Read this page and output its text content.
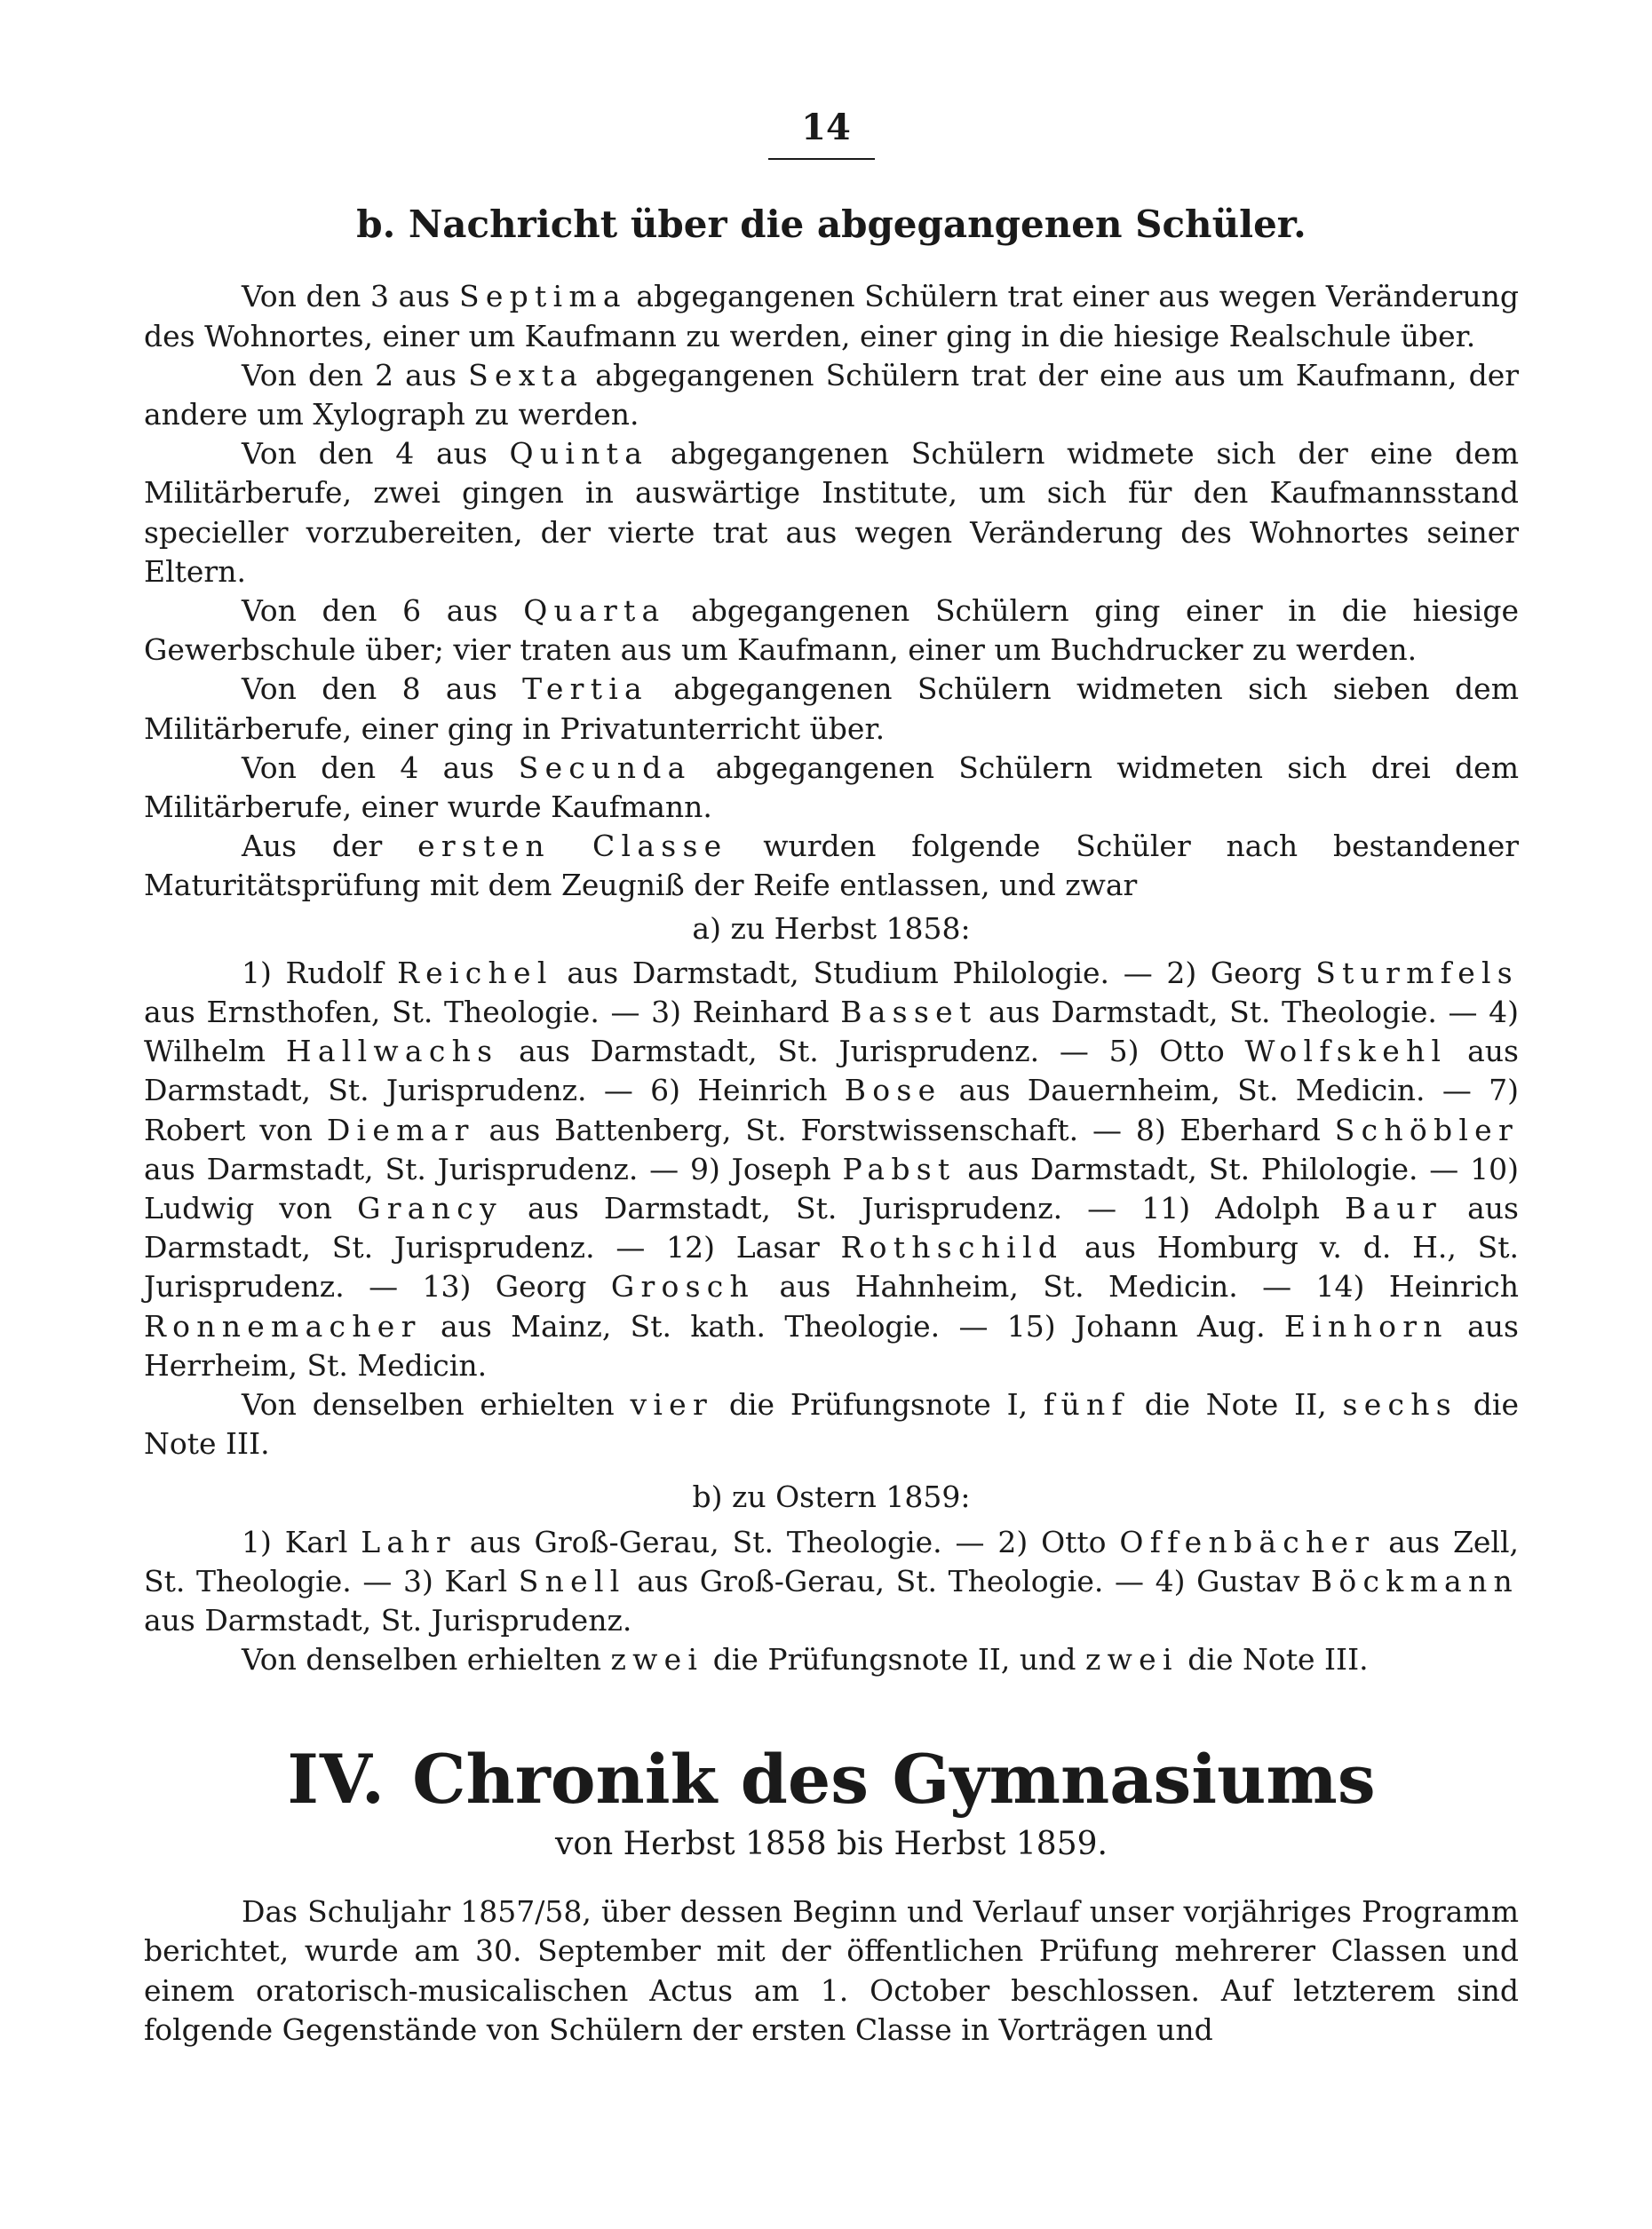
14
b. Nachricht über die abgegangenen Schüler.

Von den 3 aus Septima abgegangenen Schülern trat einer aus wegen Veränderung des Wohnortes, einer um Kaufmann zu werden, einer ging in die hiesige Realschule über.

Von den 2 aus Sexta abgegangenen Schülern trat der eine aus um Kaufmann, der andere um Xylograph zu werden.

Von den 4 aus Quinta abgegangenen Schülern widmete sich der eine dem Militärberufe, zwei gingen in auswärtige Institute, um sich für den Kaufmannsstand specieller vorzubereiten, der vierte trat aus wegen Veränderung des Wohnortes seiner Eltern.

Von den 6 aus Quarta abgegangenen Schülern ging einer in die hiesige Gewerbschule über; vier traten aus um Kaufmann, einer um Buchdrucker zu werden.

Von den 8 aus Tertia abgegangenen Schülern widmeten sich sieben dem Militärberufe, einer ging in Privatunterricht über.

Von den 4 aus Secunda abgegangenen Schülern widmeten sich drei dem Militärberufe, einer wurde Kaufmann.

Aus der ersten Classe wurden folgende Schüler nach bestandener Maturitätsprüfung mit dem Zeugniß der Reife entlassen, und zwar

a) zu Herbst 1858:

1) Rudolf Reichel aus Darmstadt, Studium Philologie. — 2) Georg Sturmfels aus Ernsthofen, St. Theologie. — 3) Reinhard Basset aus Darmstadt, St. Theologie. — 4) Wilhelm Hallwachs aus Darmstadt, St. Jurisprudenz. — 5) Otto Wolfskehl aus Darmstadt, St. Jurisprudenz. — 6) Heinrich Bose aus Dauernheim, St. Medicin. — 7) Robert von Diemar aus Battenberg, St. Forstwissenschaft. — 8) Eberhard Schöbler aus Darmstadt, St. Jurisprudenz. — 9) Joseph Pabst aus Darmstadt, St. Philologie. — 10) Ludwig von Grancy aus Darmstadt, St. Jurisprudenz. — 11) Adolph Baur aus Darmstadt, St. Jurisprudenz. — 12) Lasar Rothschild aus Homburg v. d. H., St. Jurisprudenz. — 13) Georg Grosch aus Hahnheim, St. Medicin. — 14) Heinrich Ronnemacher aus Mainz, St. kath. Theologie. — 15) Johann Aug. Einhorn aus Herrheim, St. Medicin.

Von denselben erhielten vier die Prüfungsnote I, fünf die Note II, sechs die Note III.

b) zu Ostern 1859:

1) Karl Lahr aus Groß-Gerau, St. Theologie. — 2) Otto Offenbächer aus Zell, St. Theologie. — 3) Karl Snell aus Groß-Gerau, St. Theologie. — 4) Gustav Böckmann aus Darmstadt, St. Jurisprudenz.

Von denselben erhielten zwei die Prüfungsnote II, und zwei die Note III.

IV. Chronik des Gymnasiums
von Herbst 1858 bis Herbst 1859.

Das Schuljahr 1857/58, über dessen Beginn und Verlauf unser vorjähriges Programm berichtet, wurde am 30. September mit der öffentlichen Prüfung mehrerer Classen und einem oratorisch-musicalischen Actus am 1. October beschlossen. Auf letzterem sind folgende Gegenstände von Schülern der ersten Classe in Vorträgen und
